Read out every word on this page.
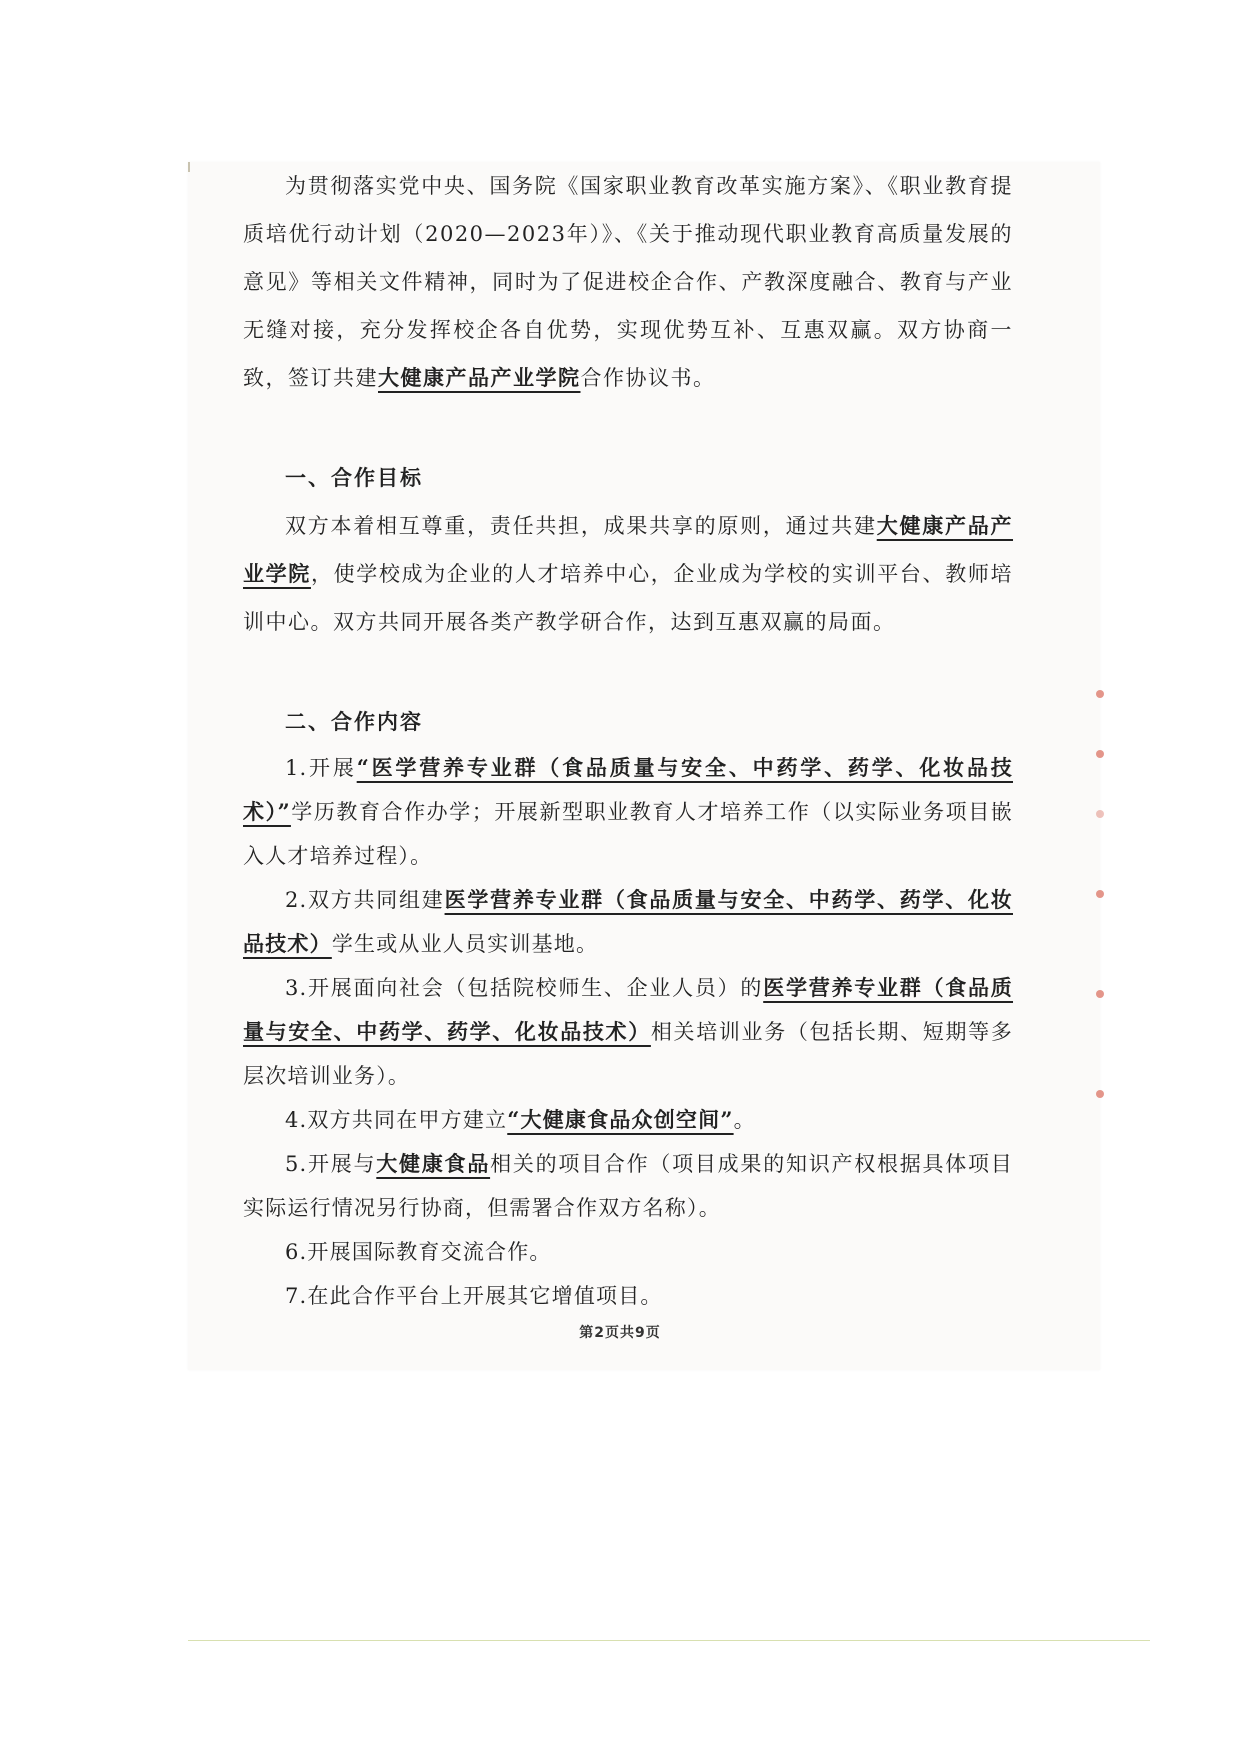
为贯彻落实党中央、国务院《国家职业教育改革实施方案》、《职业教育提质培优行动计划（2020—2023年）》、《关于推动现代职业教育高质量发展的意见》等相关文件精神，同时为了促进校企合作、产教深度融合、教育与产业无缝对接，充分发挥校企各自优势，实现优势互补、互惠双赢。双方协商一致，签订共建大健康产品产业学院合作协议书。

一、合作目标

双方本着相互尊重，责任共担，成果共享的原则，通过共建大健康产品产业学院，使学校成为企业的人才培养中心，企业成为学校的实训平台、教师培训中心。双方共同开展各类产教学研合作，达到互惠双赢的局面。

二、合作内容

1.开展“医学营养专业群（食品质量与安全、中药学、药学、化妆品技术）”学历教育合作办学；开展新型职业教育人才培养工作（以实际业务项目嵌入人才培养过程）。

2.双方共同组建医学营养专业群（食品质量与安全、中药学、药学、化妆品技术）学生或从业人员实训基地。

3.开展面向社会（包括院校师生、企业人员）的医学营养专业群（食品质量与安全、中药学、药学、化妆品技术）相关培训业务（包括长期、短期等多层次培训业务）。

4.双方共同在甲方建立“大健康食品众创空间”。

5.开展与大健康食品相关的项目合作（项目成果的知识产权根据具体项目实际运行情况另行协商，但需署合作双方名称）。

6.开展国际教育交流合作。

7.在此合作平台上开展其它增值项目。

第2页共9页
